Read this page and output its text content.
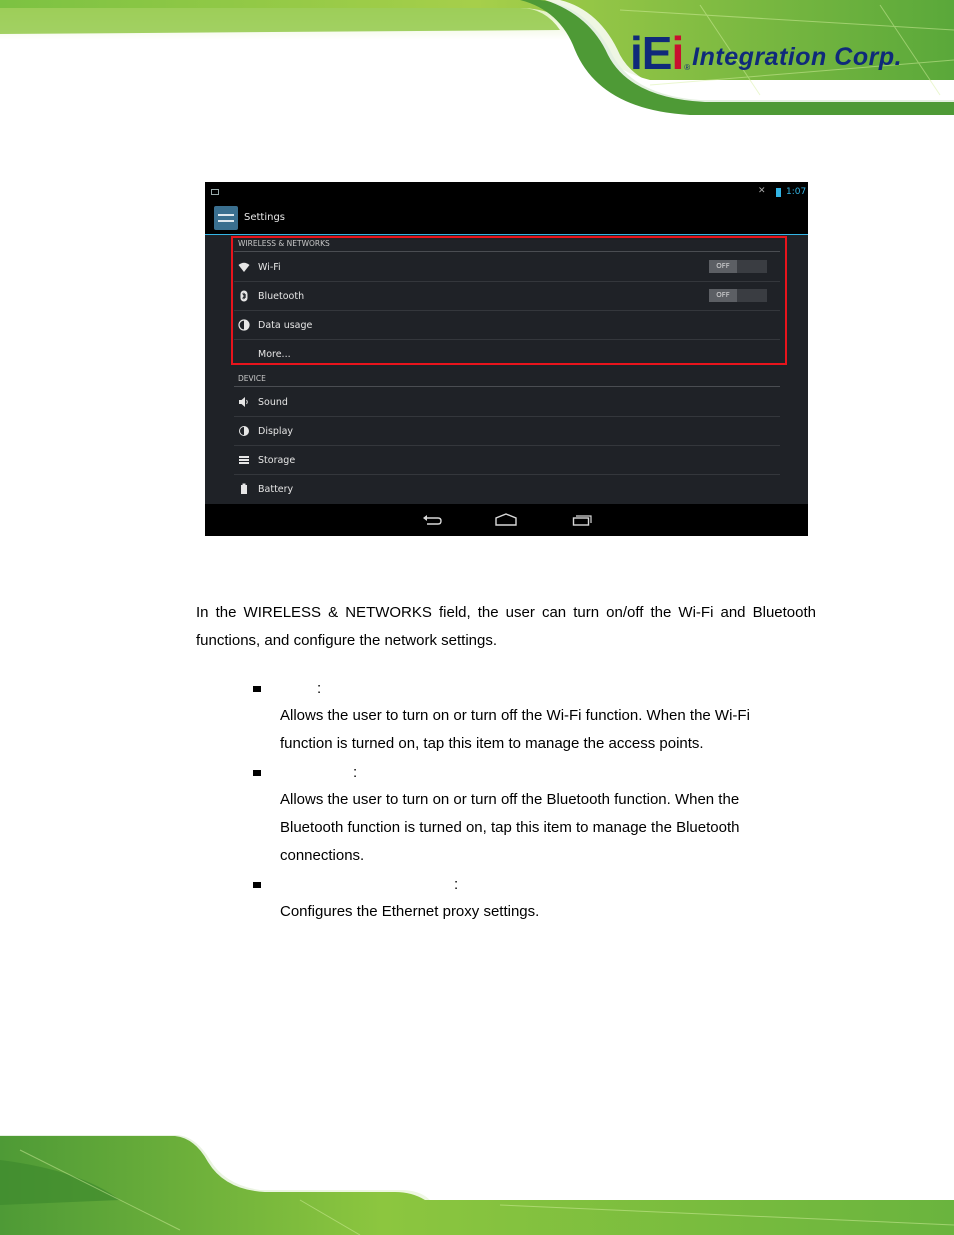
iEi ® Integration Corp.
✕ 1:07
Settings
WIRELESS & NETWORKS
Wi-Fi	OFF
Bluetooth	OFF
Data usage
More...
DEVICE
Sound
Display
Storage
Battery
In the WIRELESS & NETWORKS field, the user can turn on/off the Wi-Fi and Bluetooth
functions, and configure the network settings.
:
Allows the user to turn on or turn off the Wi-Fi function. When the Wi-Fi
function is turned on, tap this item to manage the access points.
:
Allows the user to turn on or turn off the Bluetooth function. When the
Bluetooth function is turned on, tap this item to manage the Bluetooth
connections.
:
Configures the Ethernet proxy settings.
